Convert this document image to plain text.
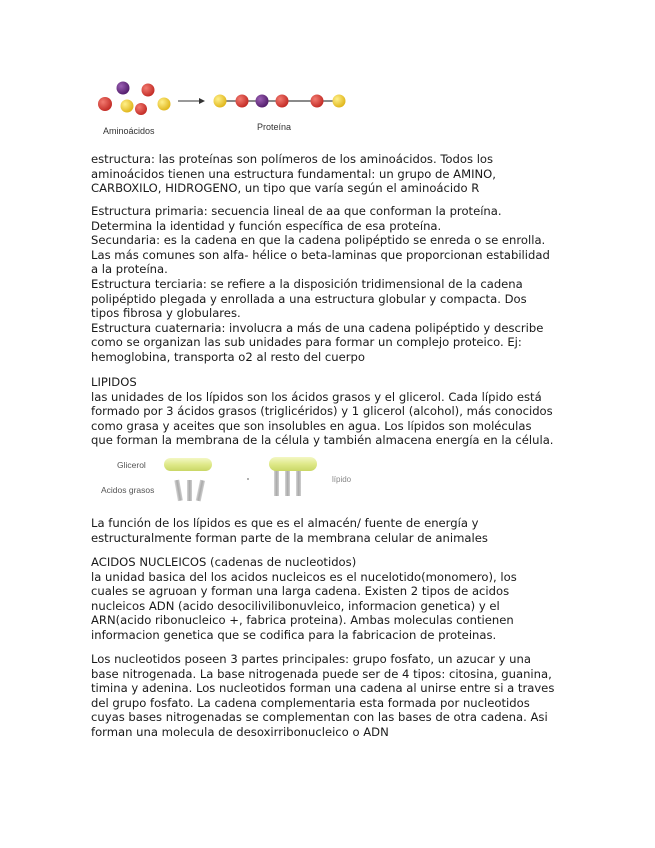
Aminoácidos	Proteína

estructura: las proteínas son polímeros de los aminoácidos. Todos los

aminoácidos tienen una estructura fundamental: un grupo de AMINO,

CARBOXILO, HIDROGENO, un tipo que varía según el aminoácido R

Estructura primaria: secuencia lineal de aa que conforman la proteína.

Determina la identidad y función específica de esa proteína.

Secundaria: es la cadena en que la cadena polipéptido se enreda o se enrolla.

Las más comunes son alfa- hélice o beta-laminas que proporcionan estabilidad

a la proteína.

Estructura terciaria: se refiere a la disposición tridimensional de la cadena

polipéptido plegada y enrollada a una estructura globular y compacta. Dos

tipos fibrosa y globulares.

Estructura cuaternaria: involucra a más de una cadena polipéptido y describe

como se organizan las sub unidades para formar un complejo proteico. Ej:

hemoglobina, transporta o2 al resto del cuerpo

LIPIDOS

las unidades de los lípidos son los ácidos grasos y el glicerol. Cada lípido está

formado por 3 ácidos grasos (triglicéridos) y 1 glicerol (alcohol), más conocidos

como grasa y aceites que son insolubles en agua. Los lípidos son moléculas

que forman la membrana de la célula y también almacena energía en la célula.

Glicerol
Acidos grasos
lípido

La función de los lípidos es que es el almacén/ fuente de energía y

estructuralmente forman parte de la membrana celular de animales

ACIDOS NUCLEICOS (cadenas de nucleotidos)

la unidad basica del los acidos nucleicos es el nucelotido(monomero), los

cuales se agruoan y forman una larga cadena. Existen 2 tipos de acidos

nucleicos ADN (acido desocilivilibonuvleico, informacion genetica) y el

ARN(acido ribonucleico +, fabrica proteina). Ambas moleculas contienen

informacion genetica que se codifica para la fabricacion de proteinas.

Los nucleotidos poseen 3 partes principales: grupo fosfato, un azucar y una

base nitrogenada. La base nitrogenada puede ser de 4 tipos: citosina, guanina,

timina y adenina. Los nucleotidos forman una cadena al unirse entre si a traves

del grupo fosfato. La cadena complementaria esta formada por nucleotidos

cuyas bases nitrogenadas se complementan con las bases de otra cadena. Asi

forman una molecula de desoxirribonucleico o ADN
